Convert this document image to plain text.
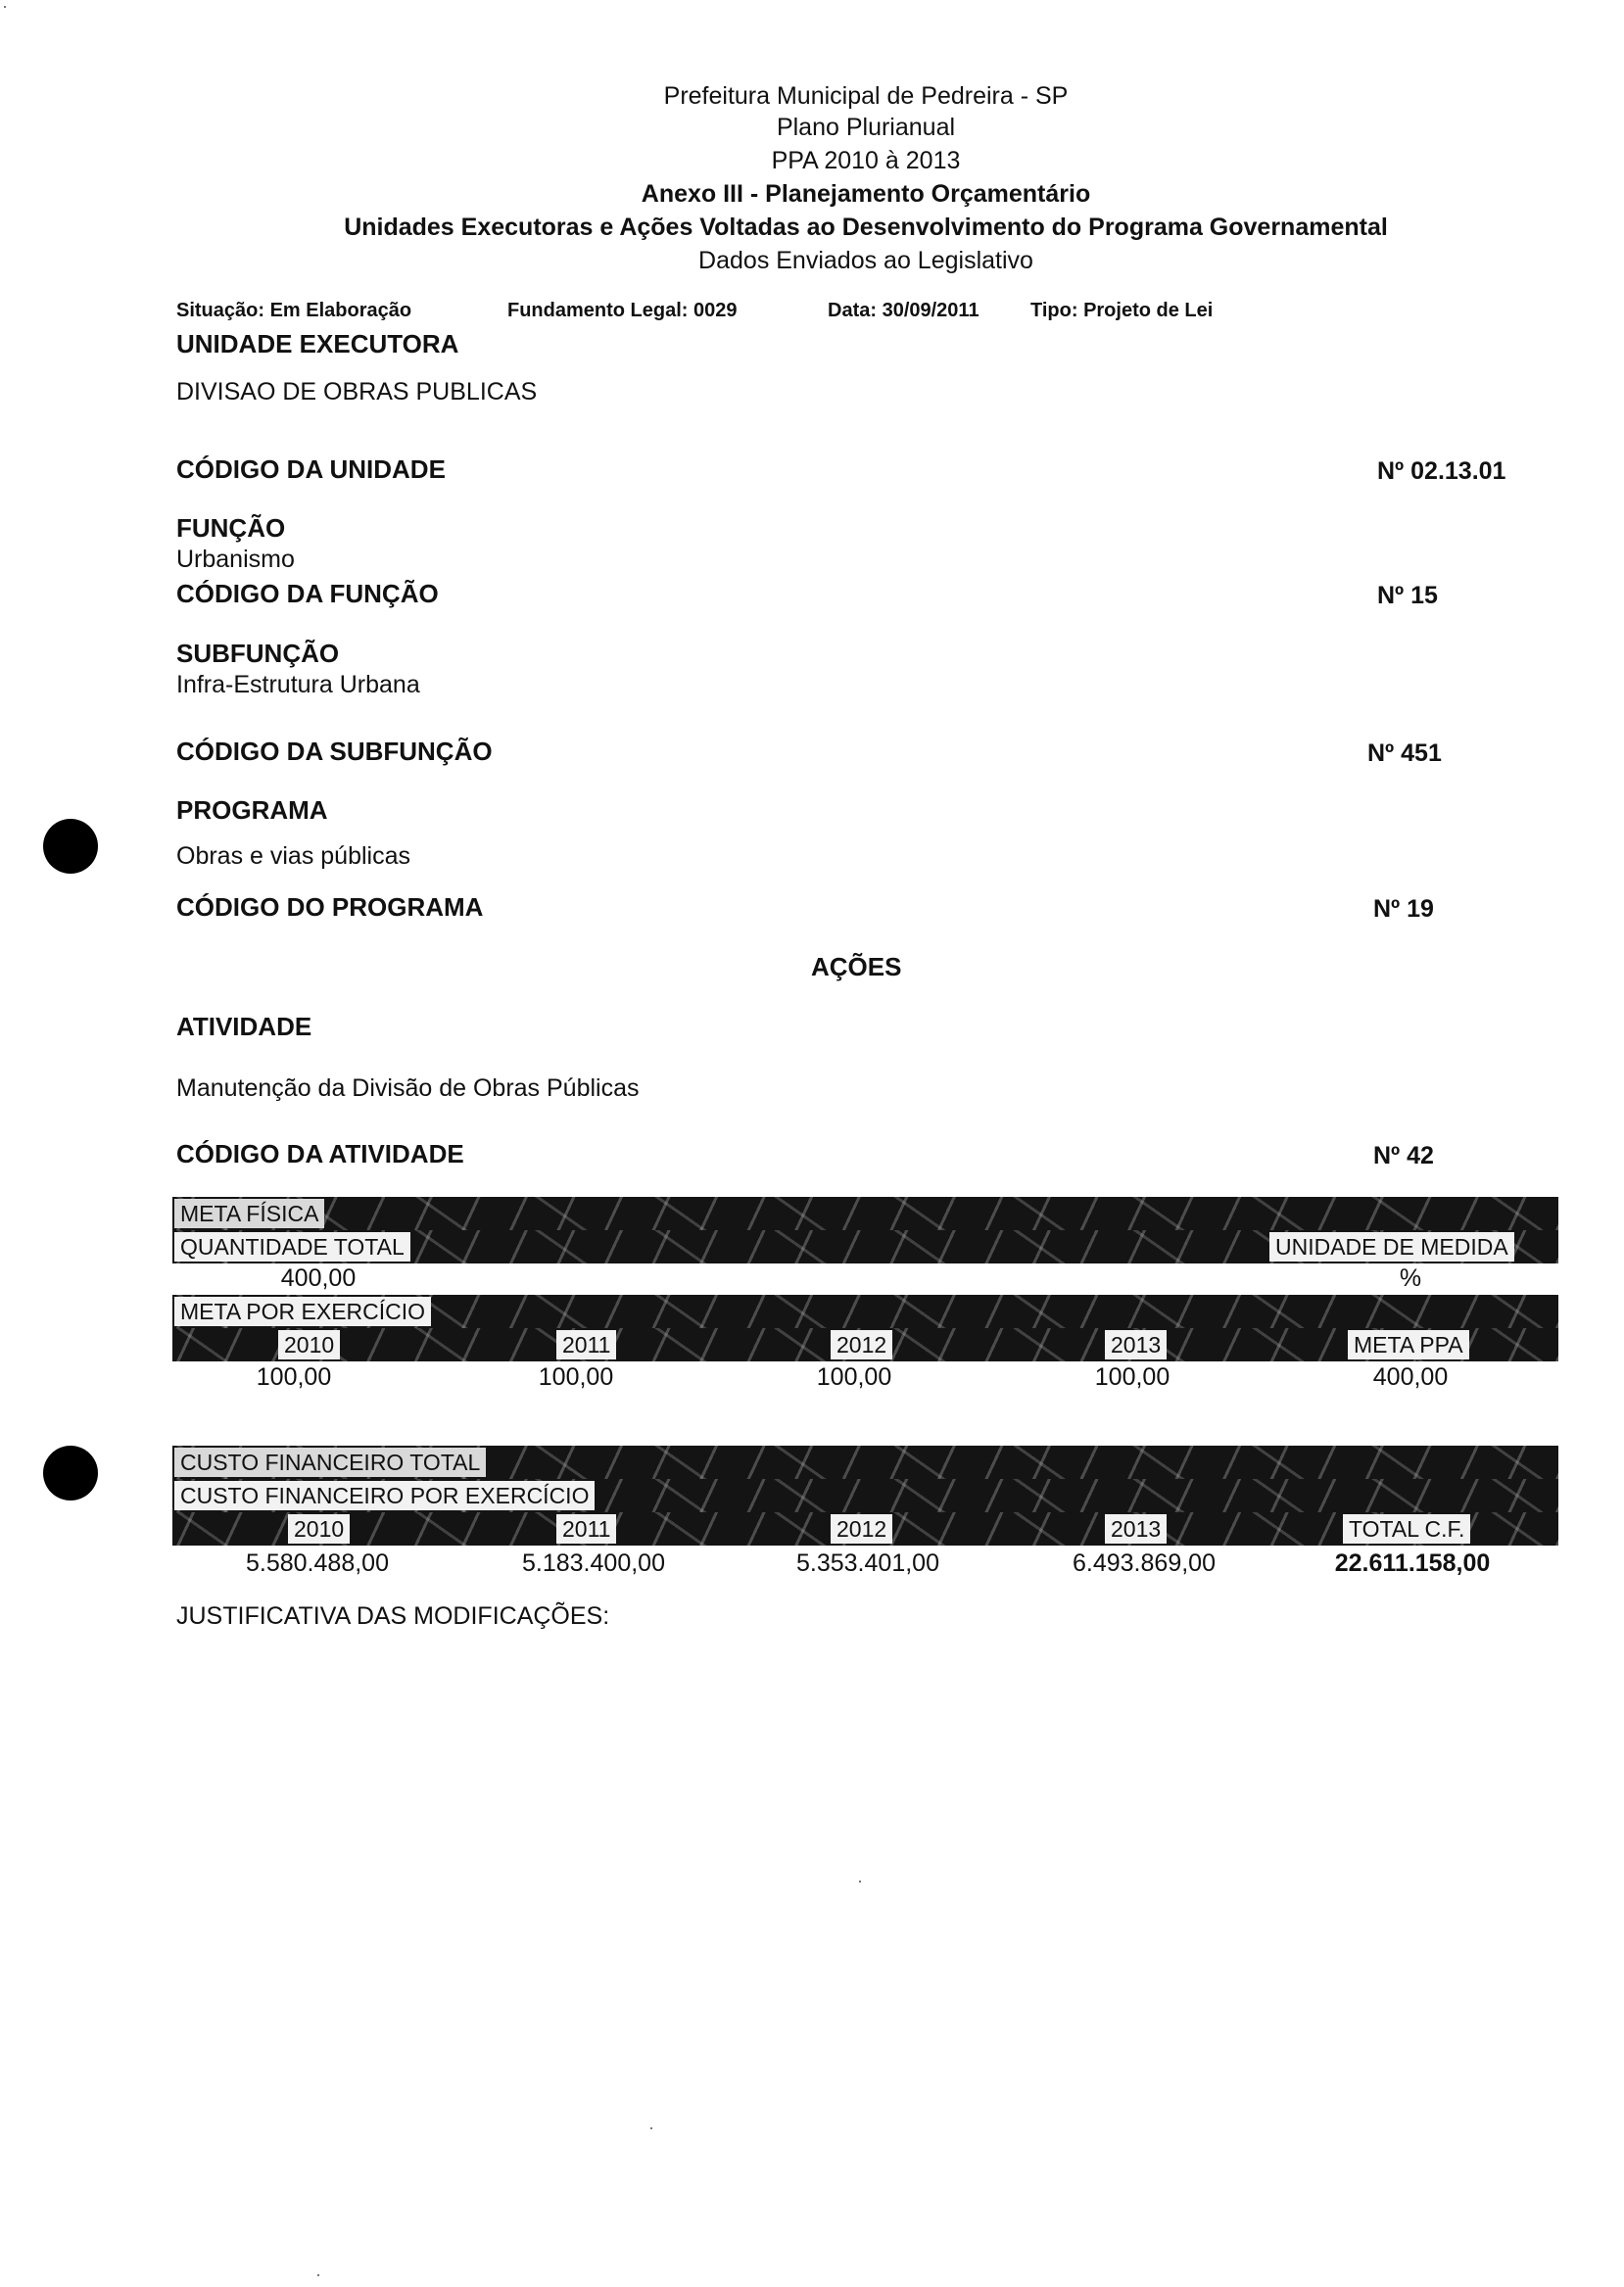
Prefeitura Municipal de Pedreira - SP
Plano Plurianual
PPA 2010 à 2013
Anexo III - Planejamento Orçamentário
Unidades Executoras e Ações Voltadas ao Desenvolvimento do Programa Governamental
Dados Enviados ao Legislativo
Situação: Em Elaboração	Fundamento Legal: 0029	Data: 30/09/2011	Tipo: Projeto de Lei
UNIDADE EXECUTORA
DIVISAO DE OBRAS PUBLICAS
CÓDIGO DA UNIDADE	Nº 02.13.01
FUNÇÃO
Urbanismo
CÓDIGO DA FUNÇÃO	Nº 15
SUBFUNÇÃO
Infra-Estrutura Urbana
CÓDIGO DA SUBFUNÇÃO	Nº 451
PROGRAMA
Obras e vias públicas
CÓDIGO DO PROGRAMA	Nº 19
AÇÕES
ATIVIDADE
Manutenção da Divisão de Obras Públicas
CÓDIGO DA ATIVIDADE	Nº 42
META FÍSICA
QUANTIDADE TOTAL	UNIDADE DE MEDIDA
400,00	%
META POR EXERCÍCIO
2010	2011	2012	2013	META PPA
100,00	100,00	100,00	100,00	400,00
CUSTO FINANCEIRO TOTAL
CUSTO FINANCEIRO POR EXERCÍCIO
2010	2011	2012	2013	TOTAL C.F.
5.580.488,00	5.183.400,00	5.353.401,00	6.493.869,00	22.611.158,00
JUSTIFICATIVA DAS MODIFICAÇÕES:
